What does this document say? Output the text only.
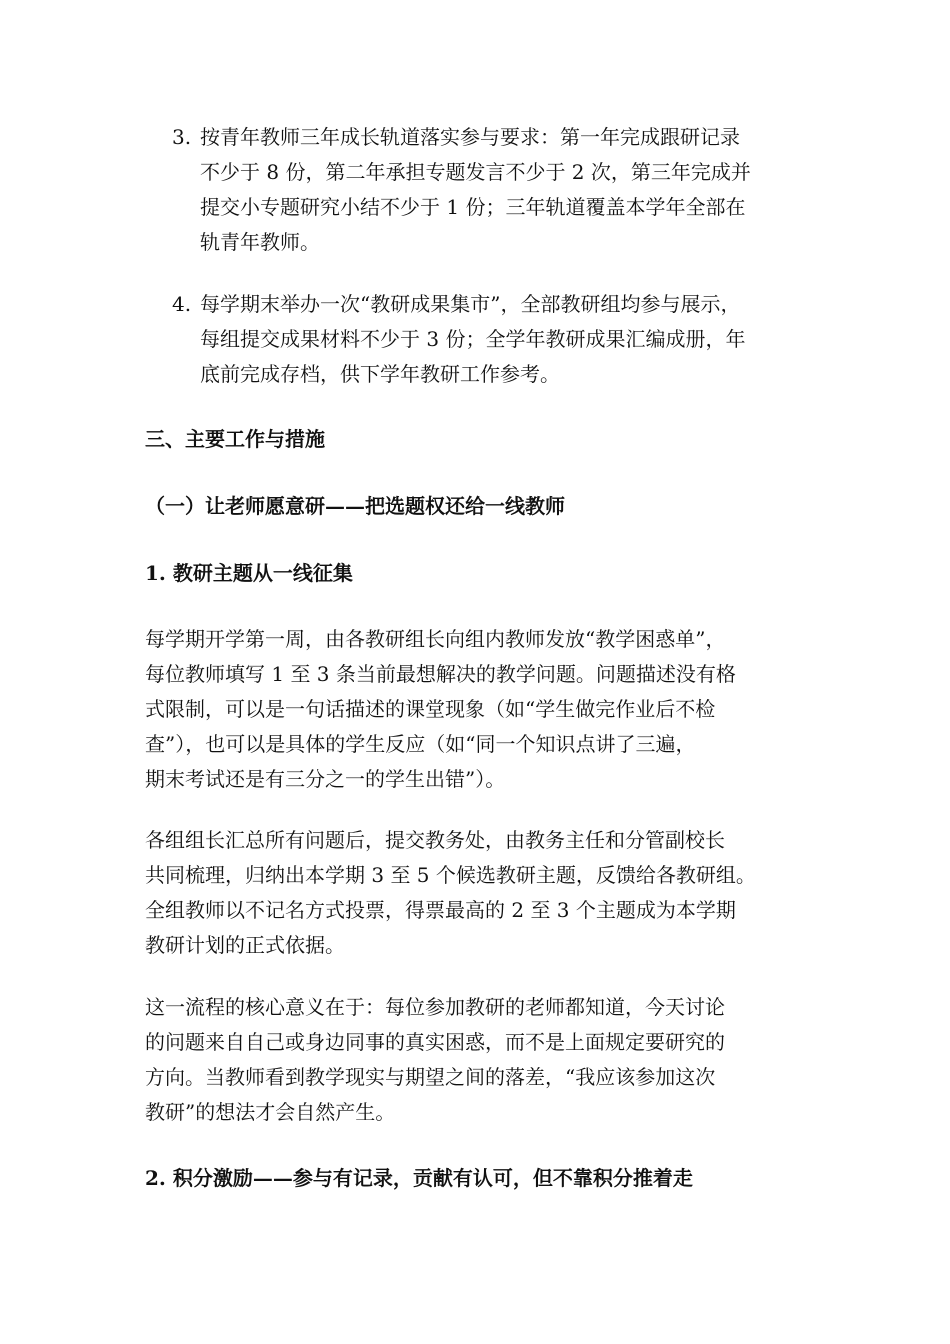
3. 按青年教师三年成长轨道落实参与要求：第一年完成跟研记录
不少于 8 份，第二年承担专题发言不少于 2 次，第三年完成并
提交小专题研究小结不少于 1 份；三年轨道覆盖本学年全部在
轨青年教师。
4. 每学期末举办一次“教研成果集市”，全部教研组均参与展示，
每组提交成果材料不少于 3 份；全学年教研成果汇编成册，年
底前完成存档，供下学年教研工作参考。
三、主要工作与措施
（一）让老师愿意研——把选题权还给一线教师
1. 教研主题从一线征集
每学期开学第一周，由各教研组长向组内教师发放“教学困惑单”，
每位教师填写 1 至 3 条当前最想解决的教学问题。问题描述没有格
式限制，可以是一句话描述的课堂现象（如“学生做完作业后不检
查”），也可以是具体的学生反应（如“同一个知识点讲了三遍，
期末考试还是有三分之一的学生出错”）。
各组组长汇总所有问题后，提交教务处，由教务主任和分管副校长
共同梳理，归纳出本学期 3 至 5 个候选教研主题，反馈给各教研组。
全组教师以不记名方式投票，得票最高的 2 至 3 个主题成为本学期
教研计划的正式依据。
这一流程的核心意义在于：每位参加教研的老师都知道，今天讨论
的问题来自自己或身边同事的真实困惑，而不是上面规定要研究的
方向。当教师看到教学现实与期望之间的落差，“我应该参加这次
教研”的想法才会自然产生。
2. 积分激励——参与有记录，贡献有认可，但不靠积分推着走
